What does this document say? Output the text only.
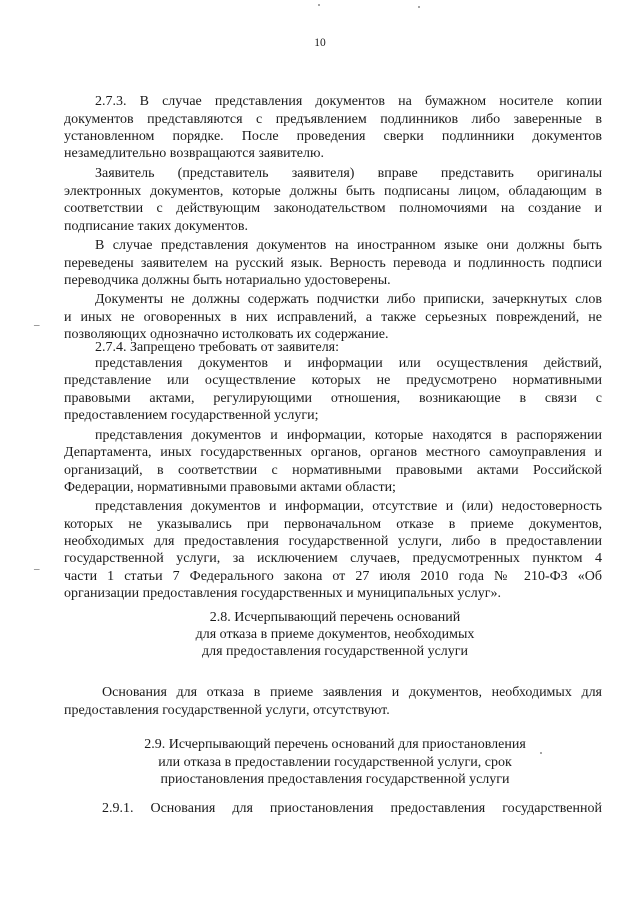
10
2.7.3. В случае представления документов на бумажном носителе копии
документов представляются с предъявлением подлинников либо заверенные в
установленном порядке. После проведения сверки подлинники документов
незамедлительно возвращаются заявителю.
Заявитель (представитель заявителя) вправе представить оригиналы
электронных документов, которые должны быть подписаны лицом, обладающим в
соответствии с действующим законодательством полномочиями на создание и
подписание таких документов.
В случае представления документов на иностранном языке они должны быть
переведены заявителем на русский язык. Верность перевода и подлинность подписи
переводчика должны быть нотариально удостоверены.
Документы не должны содержать подчистки либо приписки, зачеркнутых слов
и иных не оговоренных в них исправлений, а также серьезных повреждений, не
позволяющих однозначно истолковать их содержание.
2.7.4. Запрещено требовать от заявителя:
представления документов и информации или осуществления действий,
представление или осуществление которых не предусмотрено нормативными
правовыми актами, регулирующими отношения, возникающие в связи с
предоставлением государственной услуги;
представления документов и информации, которые находятся в распоряжении
Департамента, иных государственных органов, органов местного самоуправления и
организаций, в соответствии с нормативными правовыми актами Российской
Федерации, нормативными правовыми актами области;
представления документов и информации, отсутствие и (или) недостоверность
которых не указывались при первоначальном отказе в приеме документов,
необходимых для предоставления государственной услуги, либо в предоставлении
государственной услуги, за исключением случаев, предусмотренных пунктом 4
части 1 статьи 7 Федерального закона от 27 июля 2010 года № 210-ФЗ «Об
организации предоставления государственных и муниципальных услуг».
2.8. Исчерпывающий перечень оснований
для отказа в приеме документов, необходимых
для предоставления государственной услуги
Основания для отказа в приеме заявления и документов, необходимых для
предоставления государственной услуги, отсутствуют.
2.9. Исчерпывающий перечень оснований для приостановления
или отказа в предоставлении государственной услуги, срок
приостановления предоставления государственной услуги
2.9.1. Основания для приостановления предоставления государственной
–
–
